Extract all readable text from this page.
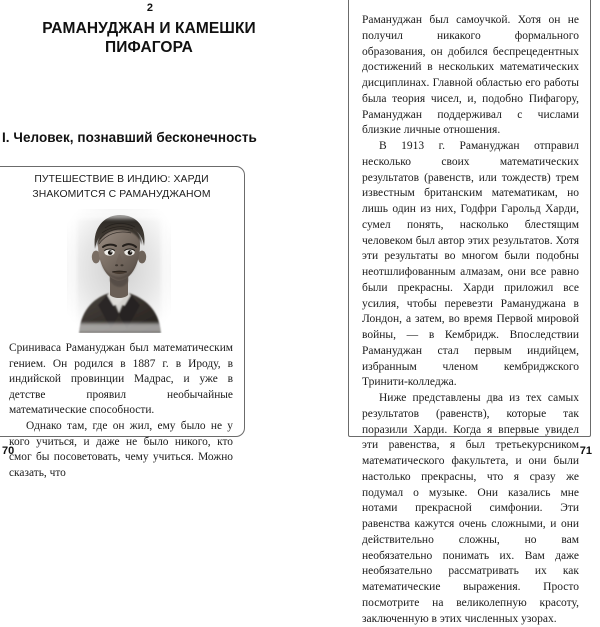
2
РАМАНУДЖАН И КАМЕШКИ ПИФАГОРА
I. Человек, познавший бесконечность
ПУТЕШЕСТВИЕ В ИНДИЮ: ХАРДИ ЗНАКОМИТСЯ С РАМАНУДЖАНОМ

Сриниваса Рамануджан был математическим гением. Он родился в 1887 г. в Ироду, в индийской провинции Мадрас, и уже в детстве проявил необычайные математические способности.

Однако там, где он жил, ему было не у кого учиться, и даже не было никого, кто смог бы посоветовать, чему учиться. Можно сказать, что

70

Рамануджан был самоучкой. Хотя он не получил никакого формального образования, он добился беспрецедентных достижений в нескольких математических дисциплинах. Главной областью его работы была теория чисел, и, подобно Пифагору, Рамануджан поддерживал с числами близкие личные отношения.

В 1913 г. Рамануджан отправил несколько своих математических результатов (равенств, или тождеств) трем известным британским математикам, но лишь один из них, Годфри Гарольд Харди, сумел понять, насколько блестящим человеком был автор этих результатов. Хотя эти результаты во многом были подобны неотшлифованным алмазам, они все равно были прекрасны. Харди приложил все усилия, чтобы перевезти Рамануджана в Лондон, а затем, во время Первой мировой войны, — в Кембридж. Впоследствии Рамануджан стал первым индийцем, избранным членом кембриджского Тринити-колледжа.

Ниже представлены два из тех самых результатов (равенств), которые так поразили Харди. Когда я впервые увидел эти равенства, я был третьекурсником математического факультета, и они были настолько прекрасны, что я сразу же подумал о музыке. Они казались мне нотами прекрасной симфонии. Эти равенства кажутся очень сложными, и они действительно сложны, но вам необязательно понимать их. Вам даже необязательно рассматривать их как математические выражения. Просто посмотрите на великолепную красоту, заключенную в этих численных узорах.

71
